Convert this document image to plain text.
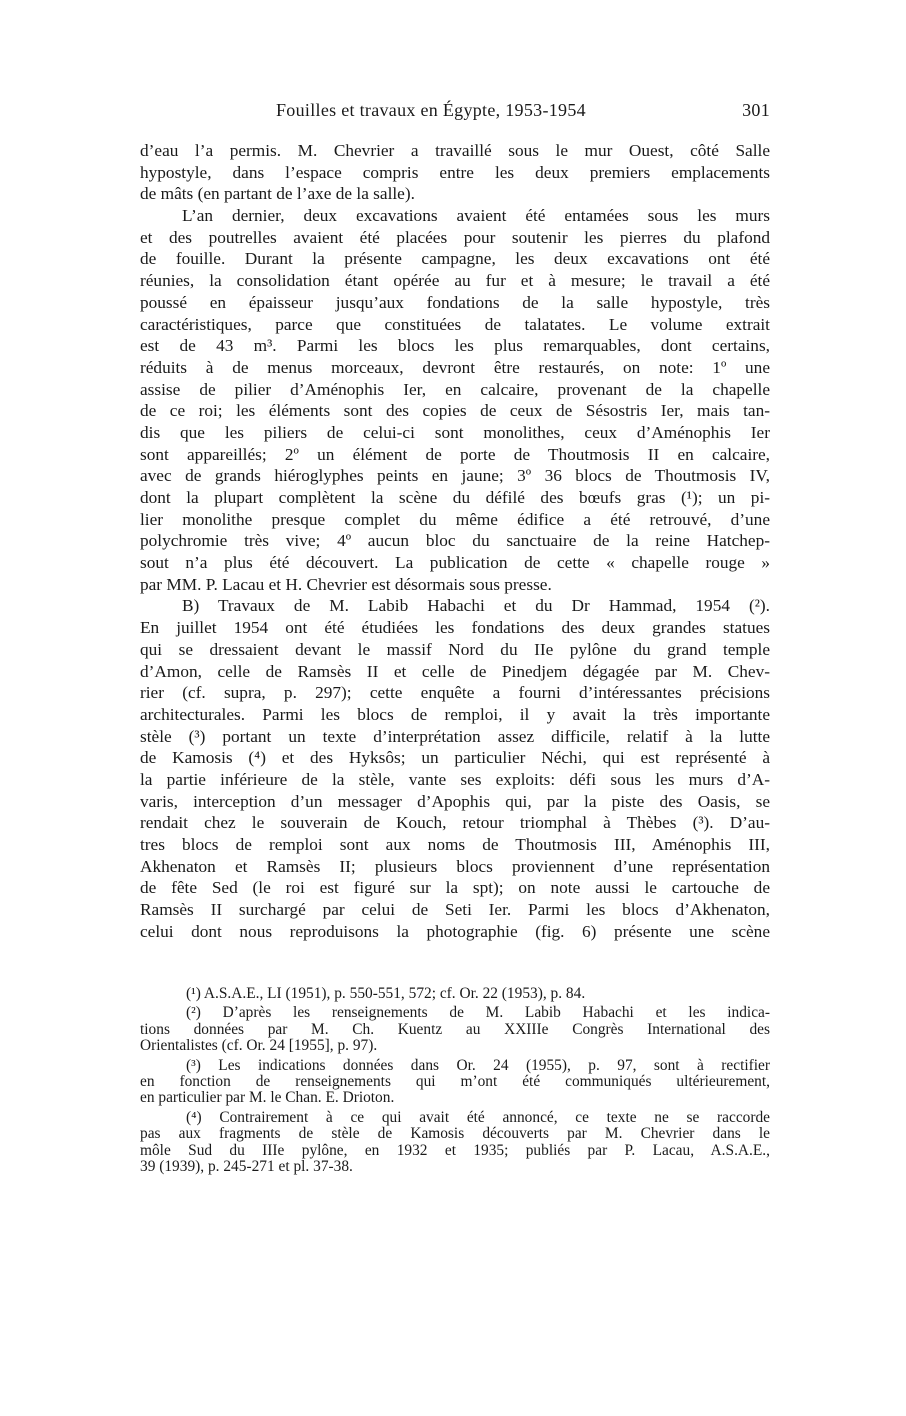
Fouilles et travaux en Égypte, 1953-1954	301

d’eau l’a permis. M. Chevrier a travaillé sous le mur Ouest, côté Salle
hypostyle, dans l’espace compris entre les deux premiers emplacements
de mâts (en partant de l’axe de la salle).

L’an dernier, deux excavations avaient été entamées sous les murs
et des poutrelles avaient été placées pour soutenir les pierres du plafond
de fouille. Durant la présente campagne, les deux excavations ont été
réunies, la consolidation étant opérée au fur et à mesure; le travail a été
poussé en épaisseur jusqu’aux fondations de la salle hypostyle, très
caractéristiques, parce que constituées de talatates. Le volume extrait
est de 43 m³. Parmi les blocs les plus remarquables, dont certains,
réduits à de menus morceaux, devront être restaurés, on note: 1º une
assise de pilier d’Aménophis Ier, en calcaire, provenant de la chapelle
de ce roi; les éléments sont des copies de ceux de Sésostris Ier, mais tan-
dis que les piliers de celui-ci sont monolithes, ceux d’Aménophis Ier
sont appareillés; 2º un élément de porte de Thoutmosis II en calcaire,
avec de grands hiéroglyphes peints en jaune; 3º 36 blocs de Thoutmosis IV,
dont la plupart complètent la scène du défilé des bœufs gras (¹); un pi-
lier monolithe presque complet du même édifice a été retrouvé, d’une
polychromie très vive; 4º aucun bloc du sanctuaire de la reine Hatchep-
sout n’a plus été découvert. La publication de cette « chapelle rouge »
par MM. P. Lacau et H. Chevrier est désormais sous presse.

B) Travaux de M. Labib Habachi et du Dr Hammad, 1954 (²).
En juillet 1954 ont été étudiées les fondations des deux grandes statues
qui se dressaient devant le massif Nord du IIe pylône du grand temple
d’Amon, celle de Ramsès II et celle de Pinedjem dégagée par M. Chev-
rier (cf. supra, p. 297); cette enquête a fourni d’intéressantes précisions
architecturales. Parmi les blocs de remploi, il y avait la très importante
stèle (³) portant un texte d’interprétation assez difficile, relatif à la lutte
de Kamosis (⁴) et des Hyksôs; un particulier Néchi, qui est représenté à
la partie inférieure de la stèle, vante ses exploits: défi sous les murs d’A-
varis, interception d’un messager d’Apophis qui, par la piste des Oasis, se
rendait chez le souverain de Kouch, retour triomphal à Thèbes (³). D’au-
tres blocs de remploi sont aux noms de Thoutmosis III, Aménophis III,
Akhenaton et Ramsès II; plusieurs blocs proviennent d’une représentation
de fête Sed (le roi est figuré sur la spt); on note aussi le cartouche de
Ramsès II surchargé par celui de Seti Ier. Parmi les blocs d’Akhenaton,
celui dont nous reproduisons la photographie (fig. 6) présente une scène

(¹) A.S.A.E., LI (1951), p. 550-551, 572; cf. Or. 22 (1953), p. 84.
(²) D’après les renseignements de M. Labib Habachi et les indica-
tions données par M. Ch. Kuentz au XXIIIe Congrès International des
Orientalistes (cf. Or. 24 [1955], p. 97).
(³) Les indications données dans Or. 24 (1955), p. 97, sont à rectifier
en fonction de renseignements qui m’ont été communiqués ultérieurement,
en particulier par M. le Chan. E. Drioton.
(⁴) Contrairement à ce qui avait été annoncé, ce texte ne se raccorde
pas aux fragments de stèle de Kamosis découverts par M. Chevrier dans le
môle Sud du IIIe pylône, en 1932 et 1935; publiés par P. Lacau, A.S.A.E.,
39 (1939), p. 245-271 et pl. 37-38.
